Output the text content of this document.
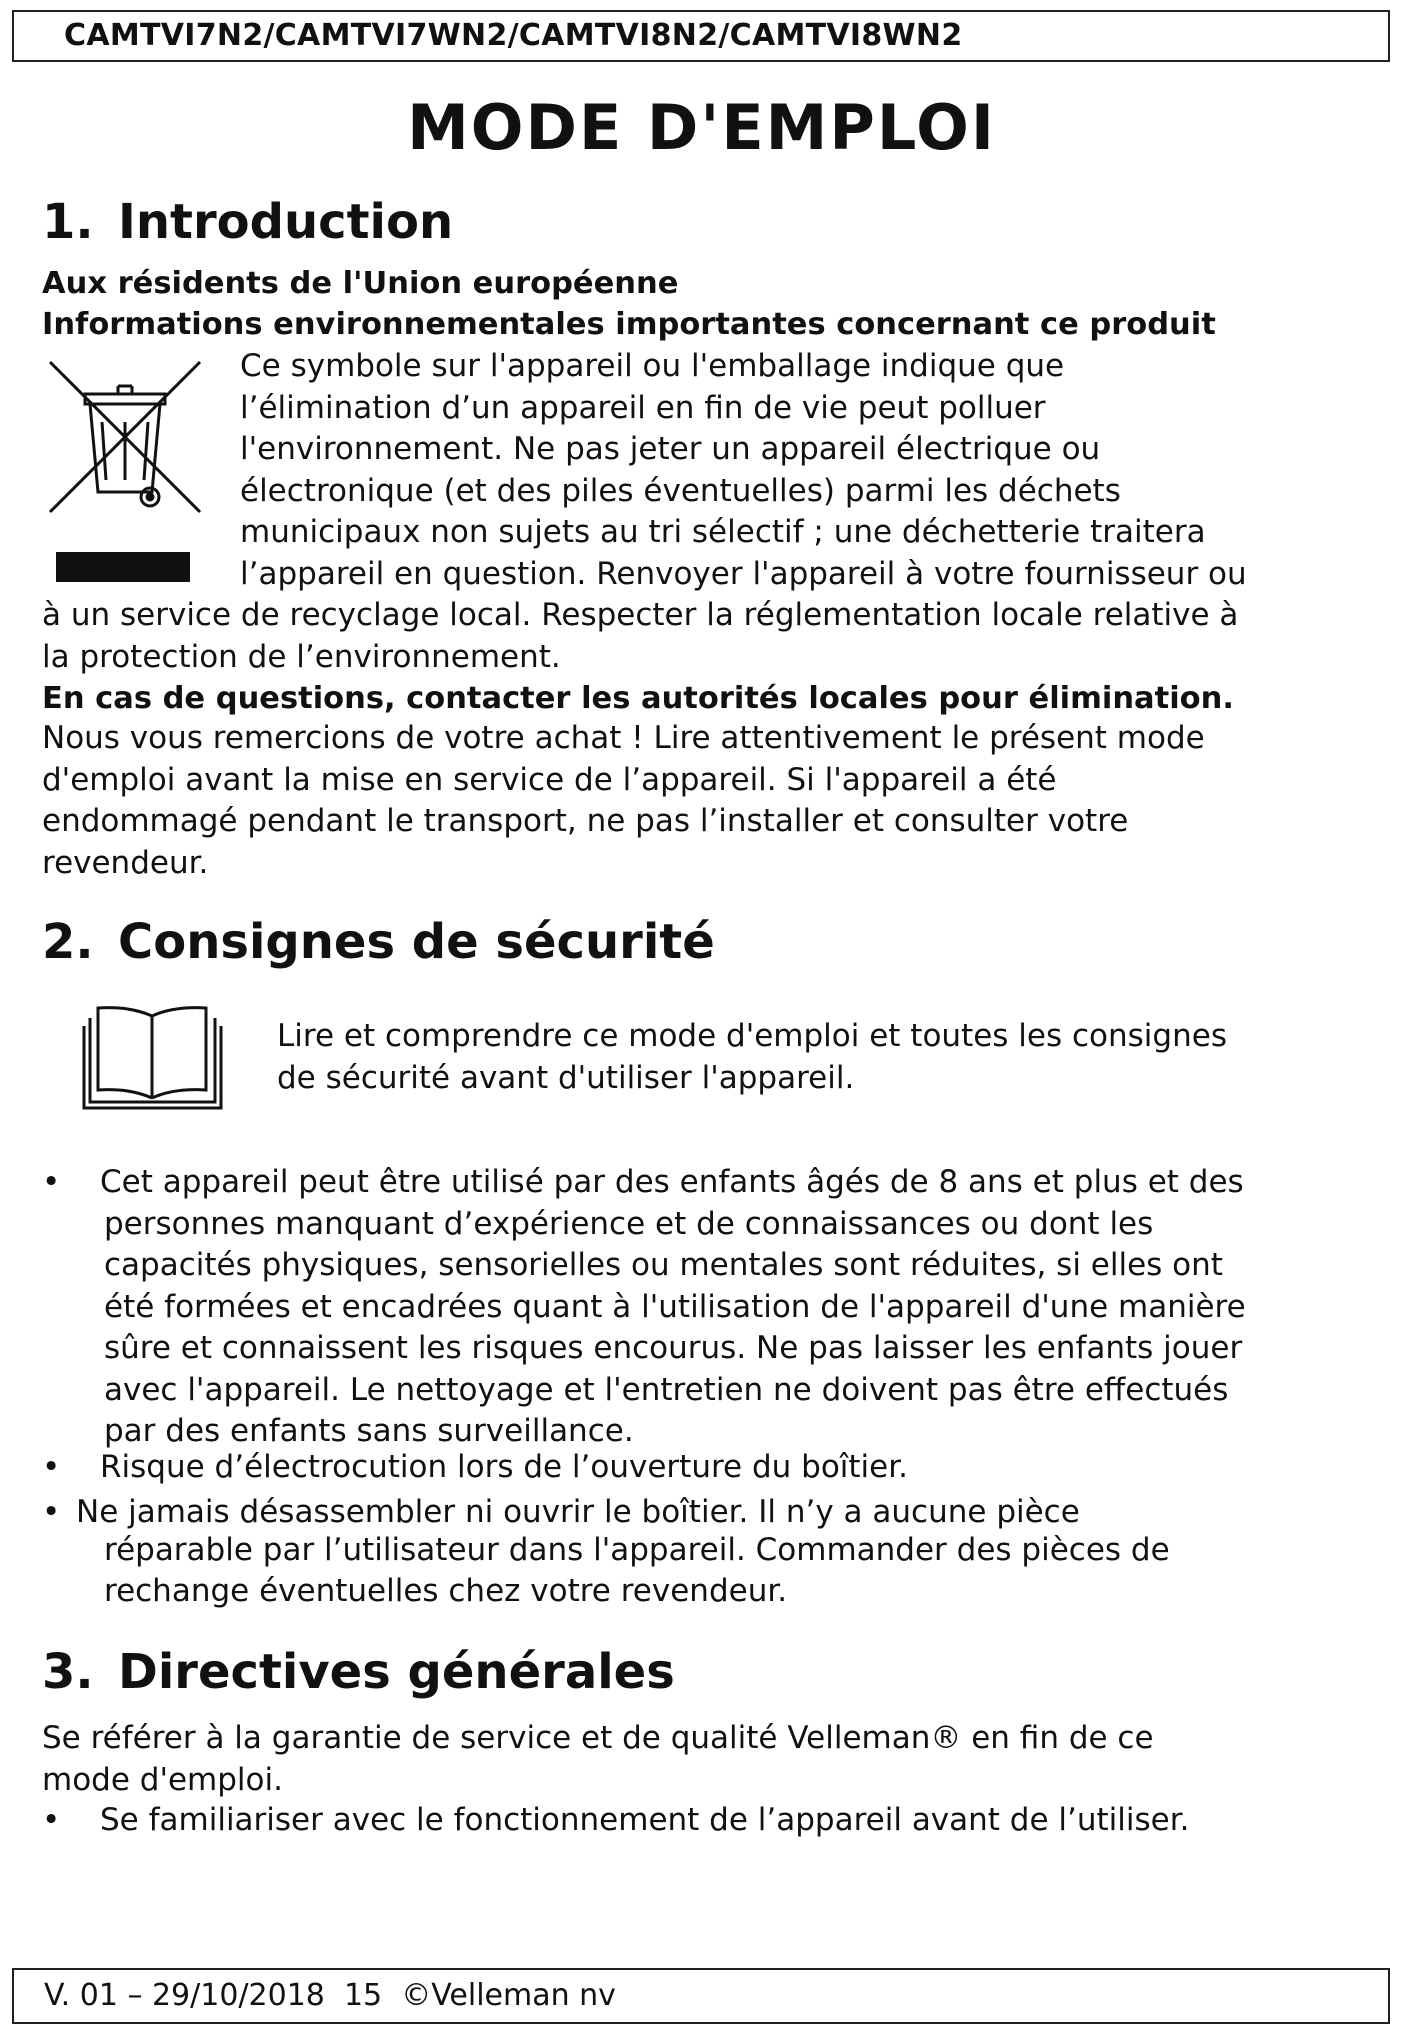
CAMTVI7N2/CAMTVI7WN2/CAMTVI8N2/CAMTVI8WN2
MODE D'EMPLOI
1. Introduction
Aux résidents de l'Union européenne
Informations environnementales importantes concernant ce produit
Ce symbole sur l'appareil ou l'emballage indique que
l’élimination d’un appareil en fin de vie peut polluer
l'environnement. Ne pas jeter un appareil électrique ou
électronique (et des piles éventuelles) parmi les déchets
municipaux non sujets au tri sélectif ; une déchetterie traitera
l’appareil en question. Renvoyer l'appareil à votre fournisseur ou
à un service de recyclage local. Respecter la réglementation locale relative à
la protection de l’environnement.
En cas de questions, contacter les autorités locales pour élimination.
Nous vous remercions de votre achat ! Lire attentivement le présent mode
d'emploi avant la mise en service de l’appareil. Si l'appareil a été
endommagé pendant le transport, ne pas l’installer et consulter votre
revendeur.
2. Consignes de sécurité
Lire et comprendre ce mode d'emploi et toutes les consignes
de sécurité avant d'utiliser l'appareil.
•	Cet appareil peut être utilisé par des enfants âgés de 8 ans et plus et des
personnes manquant d’expérience et de connaissances ou dont les
capacités physiques, sensorielles ou mentales sont réduites, si elles ont
été formées et encadrées quant à l'utilisation de l'appareil d'une manière
sûre et connaissent les risques encourus. Ne pas laisser les enfants jouer
avec l'appareil. Le nettoyage et l'entretien ne doivent pas être effectués
par des enfants sans surveillance.
•	Risque d’électrocution lors de l’ouverture du boîtier.
• Ne jamais désassembler ni ouvrir le boîtier. Il n’y a aucune pièce
réparable par l’utilisateur dans l'appareil. Commander des pièces de
rechange éventuelles chez votre revendeur.
3. Directives générales
Se référer à la garantie de service et de qualité Velleman® en fin de ce
mode d'emploi.
•	Se familiariser avec le fonctionnement de l’appareil avant de l’utiliser.
V. 01 – 29/10/2018 15 ©Velleman nv
